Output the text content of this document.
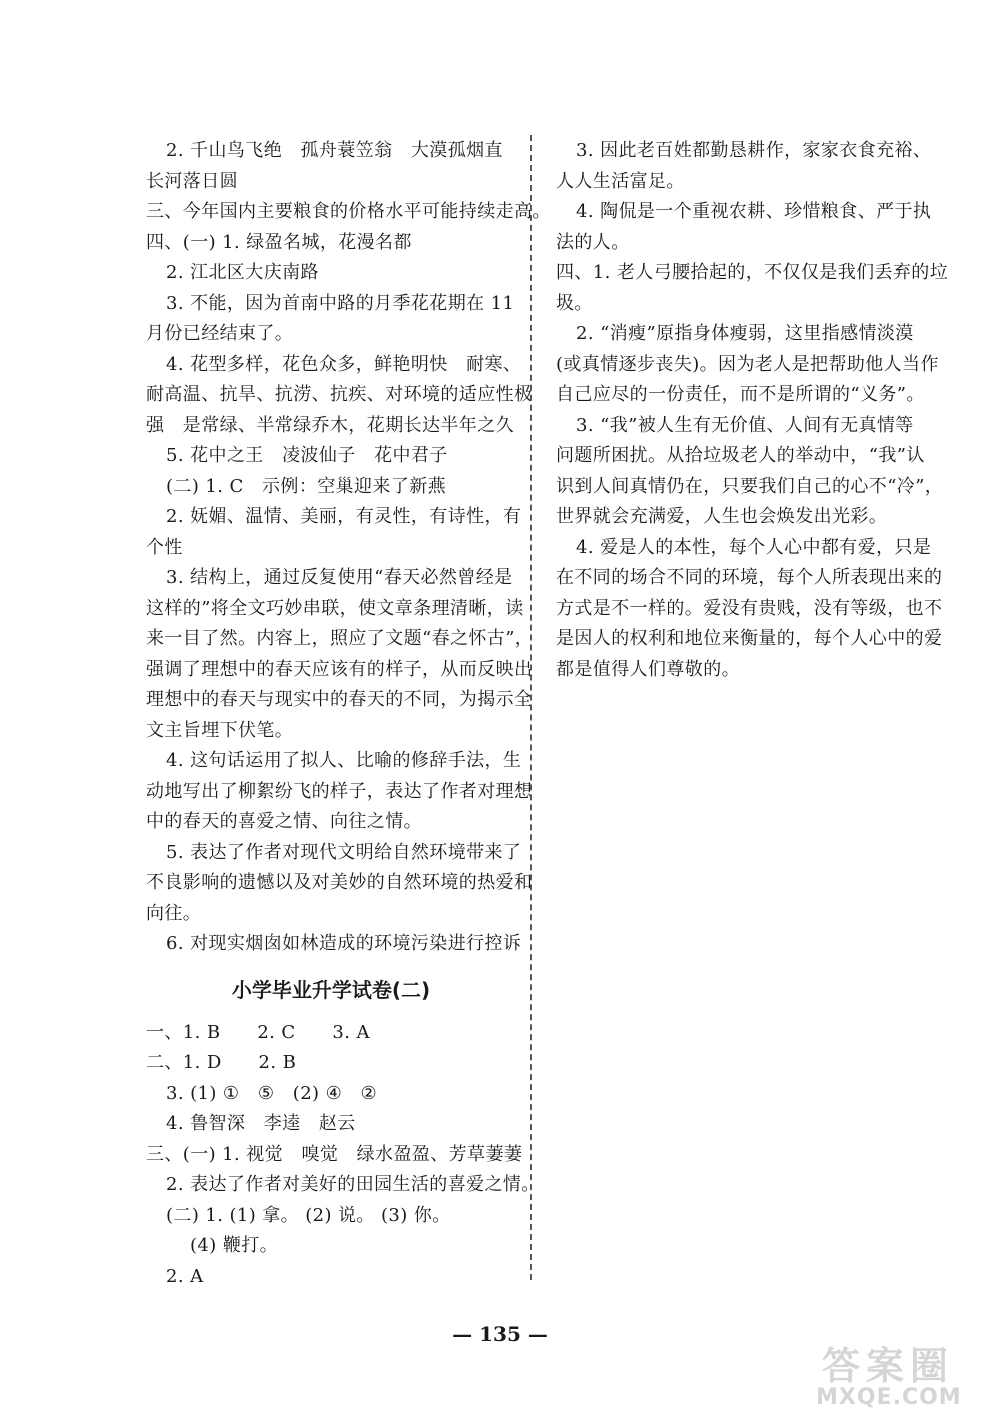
2. 千山鸟飞绝　孤舟蓑笠翁　大漠孤烟直
长河落日圆
三、今年国内主要粮食的价格水平可能持续走高。
四、(一) 1. 绿盈名城，花漫名都
2. 江北区大庆南路
3. 不能，因为首南中路的月季花花期在 11
月份已经结束了。
4. 花型多样，花色众多，鲜艳明快　耐寒、
耐高温、抗旱、抗涝、抗疾、对环境的适应性极
强　是常绿、半常绿乔木，花期长达半年之久
5. 花中之王　凌波仙子　花中君子
(二) 1. C　示例：空巢迎来了新燕
2. 妩媚、温情、美丽，有灵性，有诗性，有
个性
3. 结构上，通过反复使用“春天必然曾经是
这样的”将全文巧妙串联，使文章条理清晰，读
来一目了然。内容上，照应了文题“春之怀古”，
强调了理想中的春天应该有的样子，从而反映出
理想中的春天与现实中的春天的不同，为揭示全
文主旨埋下伏笔。
4. 这句话运用了拟人、比喻的修辞手法，生
动地写出了柳絮纷飞的样子，表达了作者对理想
中的春天的喜爱之情、向往之情。
5. 表达了作者对现代文明给自然环境带来了
不良影响的遗憾以及对美妙的自然环境的热爱和
向往。
6. 对现实烟囱如林造成的环境污染进行控诉
小学毕业升学试卷(二)
一、1. B　　2. C　　3. A
二、1. D　　2. B
3. (1) ①　⑤　(2) ④　②
4. 鲁智深　李逵　赵云
三、(一) 1. 视觉　嗅觉　绿水盈盈、芳草萋萋
2. 表达了作者对美好的田园生活的喜爱之情。
(二) 1. (1) 拿。 (2) 说。 (3) 你。
(4) 鞭打。
2. A
3. 因此老百姓都勤恳耕作，家家衣食充裕、
人人生活富足。
4. 陶侃是一个重视农耕、珍惜粮食、严于执
法的人。
四、1. 老人弓腰拾起的，不仅仅是我们丢弃的垃
圾。
2. “消瘦”原指身体瘦弱，这里指感情淡漠
(或真情逐步丧失)。因为老人是把帮助他人当作
自己应尽的一份责任，而不是所谓的“义务”。
3. “我”被人生有无价值、人间有无真情等
问题所困扰。从拾垃圾老人的举动中，“我”认
识到人间真情仍在，只要我们自己的心不“冷”，
世界就会充满爱，人生也会焕发出光彩。
4. 爱是人的本性，每个人心中都有爱，只是
在不同的场合不同的环境，每个人所表现出来的
方式是不一样的。爱没有贵贱，没有等级，也不
是因人的权利和地位来衡量的，每个人心中的爱
都是值得人们尊敬的。
— 135 —
答案圈
MXQE.COM
